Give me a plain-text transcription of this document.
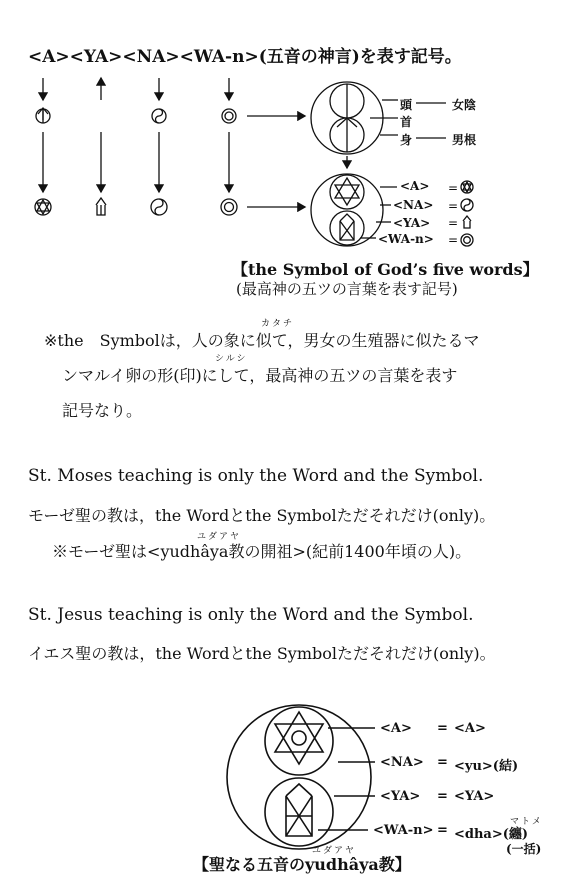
<A><YA><NA><WA-n>(五音の神言)を表す記号。
頭	女陰
首
身	男根
<A>
<NA>
<YA>
<WA-n>
【the Symbol of God’s five words】
(最高神の五ツの言葉を表す記号)
カタチ
※the　Symbolは，人の象に似て，男女の生殖器に似たるマ
シルシ
ンマルイ卵の形(印)にして，最高神の五ツの言葉を表す
記号なり。
St. Moses teaching is only the Word and the Symbol.
モーゼ聖の教は，the Wordとthe Symbolただそれだけ(only)。
ユダアヤ
※モーゼ聖は<yudhâya教の開祖>(紀前1400年頃の人)。
St. Jesus teaching is only the Word and the Symbol.
イエス聖の教は，the Wordとthe Symbolただそれだけ(only)。
<A> = <A>
<NA> = <yu>(結)
<YA> = <YA>
マトメ
<WA-n> = <dha>(纏)
(一括)
ユダアヤ
【聖なる五音のyudhâya教】
=
=
=
=
